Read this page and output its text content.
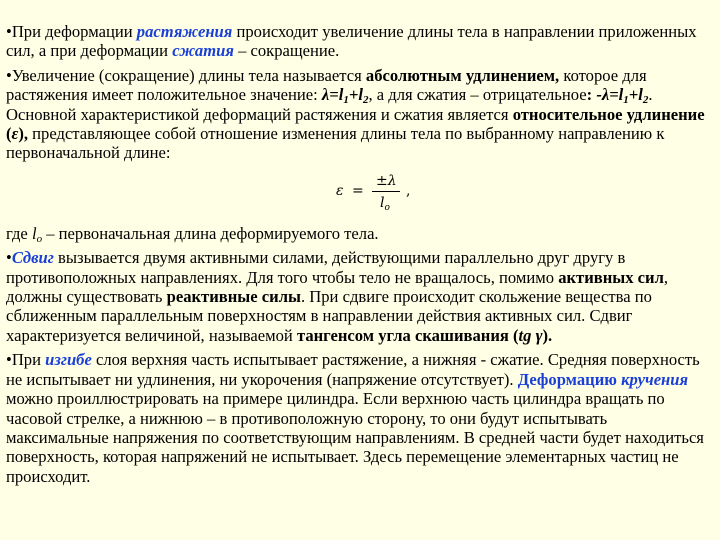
•При деформации растяжения происходит увеличение длины тела в направлении приложенных сил, а при деформации сжатия – сокращение.

•Увеличение (сокращение) длины тела называется абсолютным удлинением, которое для растяжения имеет положительное значение: $\lambda=l_1+l_2$, а для сжатия – отрицательное: $-\lambda=l_1+l_2$. Основной характеристикой деформаций растяжения и сжатия является относительное удлинение (ε), представляющее собой отношение изменения длины тела по выбранному направлению к первоначальной длине:

ε =
±λ
$l_o$
,

где $l_o$ – первоначальная длина деформируемого тела.

•Сдвиг вызывается двумя активными силами, действующими параллельно друг другу в противоположных направлениях. Для того чтобы тело не вращалось, помимо активных сил, должны существовать реактивные силы. При сдвиге происходит скольжение вещества по сближенным параллельным поверхностям в направлении действия активных сил. Сдвиг характеризуется величиной, называемой тангенсом угла скашивания (tg γ).

•При изгибе слоя верхняя часть испытывает растяжение, а нижняя - сжатие. Средняя поверхность не испытывает ни удлинения, ни укорочения (напряжение отсутствует). Деформацию кручения можно проиллюстрировать на примере цилиндра. Если верхнюю часть цилиндра вращать по часовой стрелке, а нижнюю – в противоположную сторону, то они будут испытывать максимальные напряжения по соответствующим направлениям. В средней части будет находиться поверхность, которая напряжений не испытывает. Здесь перемещение элементарных частиц не происходит.
